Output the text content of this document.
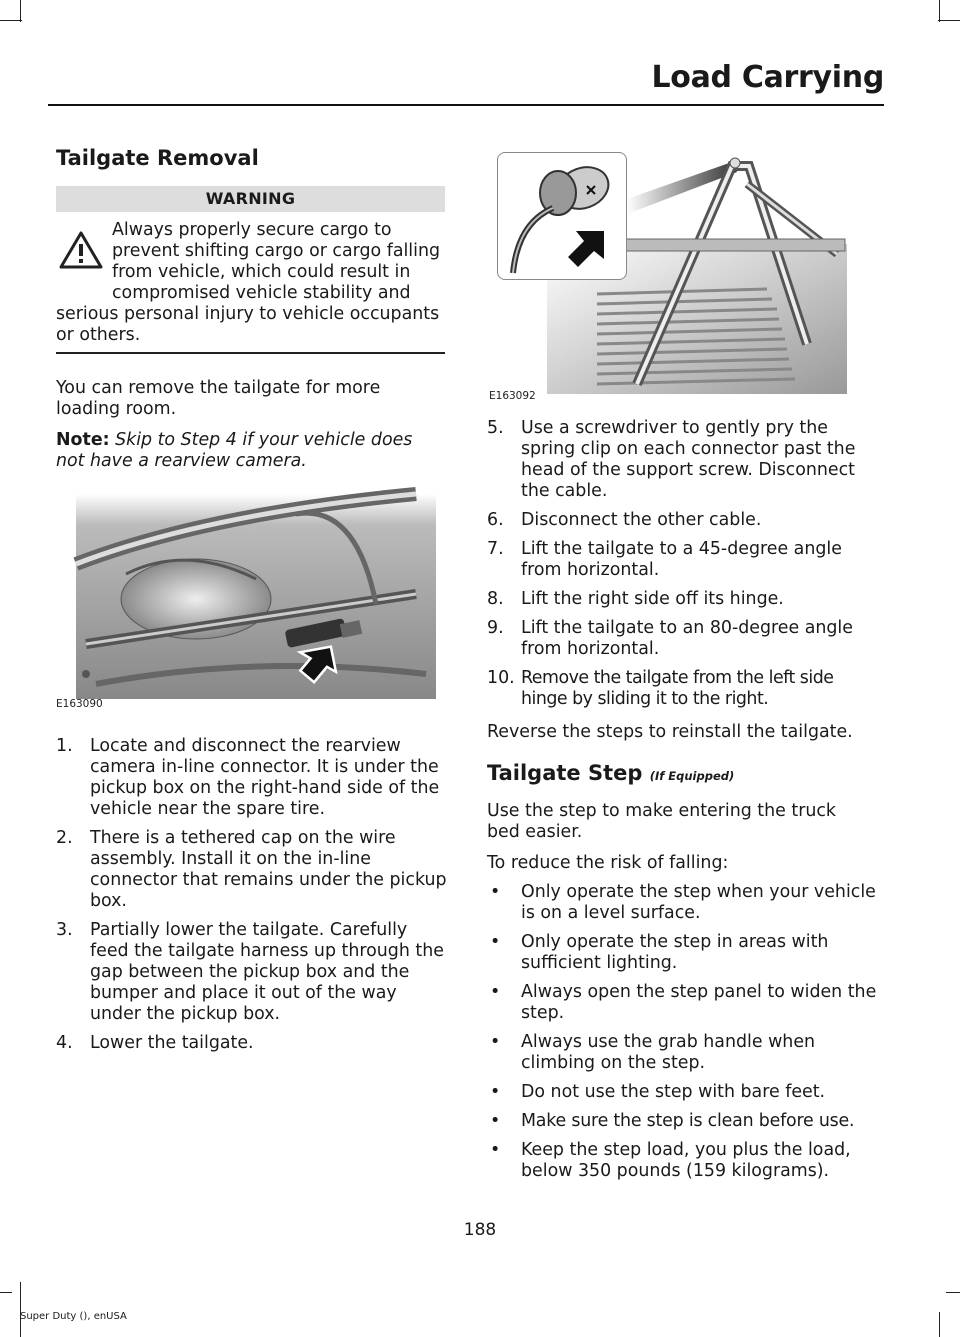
Load Carrying
Tailgate Removal
WARNING
Always properly secure cargo to prevent shifting cargo or cargo falling from vehicle, which could result in compromised vehicle stability and serious personal injury to vehicle occupants or others.

You can remove the tailgate for more loading room.

Note: Skip to Step 4 if your vehicle does not have a rearview camera.

E163090
1. Locate and disconnect the rearview camera in-line connector. It is under the pickup box on the right-hand side of the vehicle near the spare tire.
2. There is a tethered cap on the wire assembly. Install it on the in-line connector that remains under the pickup box.
3. Partially lower the tailgate. Carefully feed the tailgate harness up through the gap between the pickup box and the bumper and place it out of the way under the pickup box.
4. Lower the tailgate.
E163092
5. Use a screwdriver to gently pry the spring clip on each connector past the head of the support screw. Disconnect the cable.
6. Disconnect the other cable.
7. Lift the tailgate to a 45-degree angle from horizontal.
8. Lift the right side off its hinge.
9. Lift the tailgate to an 80-degree angle from horizontal.
10. Remove the tailgate from the left side hinge by sliding it to the right.

Reverse the steps to reinstall the tailgate.

Tailgate Step (If Equipped)

Use the step to make entering the truck bed easier.

To reduce the risk of falling:

• Only operate the step when your vehicle is on a level surface.
• Only operate the step in areas with sufficient lighting.
• Always open the step panel to widen the step.
• Always use the grab handle when climbing on the step.
• Do not use the step with bare feet.
• Make sure the step is clean before use.
• Keep the step load, you plus the load, below 350 pounds (159 kilograms).
188
Super Duty (), enUSA
